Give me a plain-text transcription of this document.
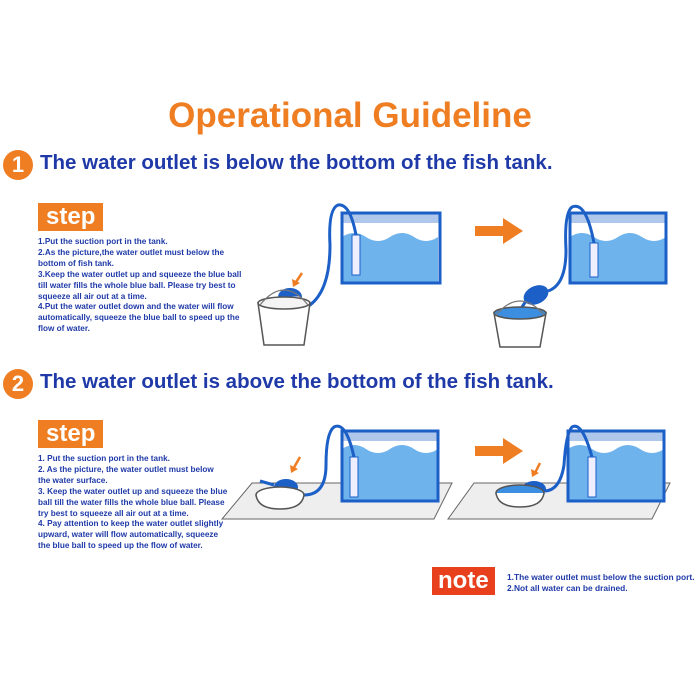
Operational Guideline
1 The water outlet is below the bottom of the fish tank.
step
1.Put the suction port in the tank.
2.As the picture,the water outlet must below the bottom of fish tank.
3.Keep the water outlet up and squeeze the blue ball till water fills the whole blue ball. Please try best to squeeze all air out at a time.
4.Put the water outlet down and the water will flow automatically, squeeze the blue ball to speed up the flow of water.
2 The water outlet is above the bottom of the fish tank.
step
1. Put the suction port in the tank.
2. As the picture, the water outlet must below the water surface.
3. Keep the water outlet up and squeeze the blue ball till the water fills the whole blue ball. Please try best to squeeze all air out at a time.
4. Pay attention to keep the water outlet slightly upward, water will flow automatically, squeeze the blue ball to speed up the flow of water.
note	1.The water outlet must below the suction port.
2.Not all water can be drained.
